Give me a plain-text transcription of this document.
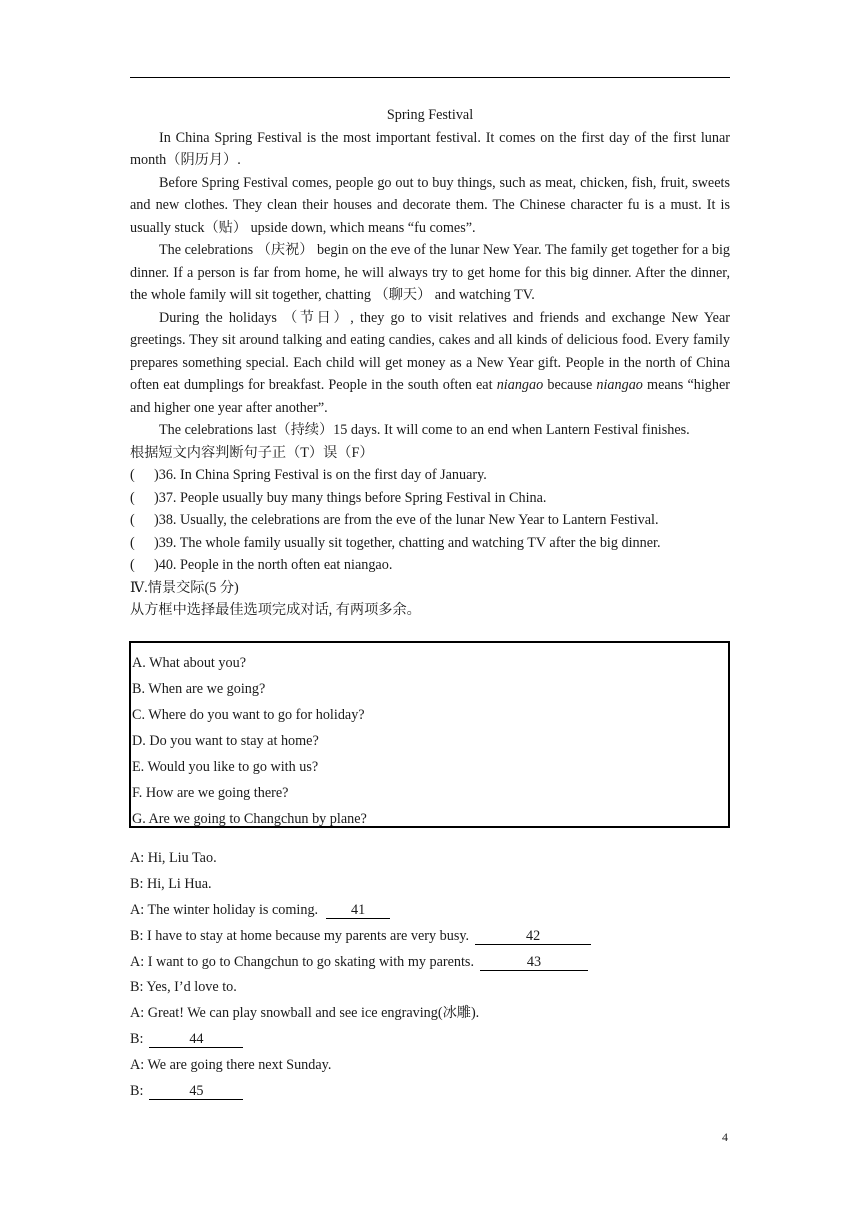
Spring Festival

In China Spring Festival is the most important festival. It comes on the first day of the first lunar month（阴历月）.

Before Spring Festival comes, people go out to buy things, such as meat, chicken, fish, fruit, sweets and new clothes. They clean their houses and decorate them. The Chinese character fu is a must. It is usually stuck（贴） upside down, which means “fu comes”.

The celebrations （庆祝） begin on the eve of the lunar New Year. The family get together for a big dinner. If a person is far from home, he will always try to get home for this big dinner. After the dinner, the whole family will sit together, chatting （聊天） and watching TV.

During the holidays （节日）, they go to visit relatives and friends and exchange New Year greetings. They sit around talking and eating candies, cakes and all kinds of delicious food. Every family prepares something special. Each child will get money as a New Year gift. People in the north of China often eat dumplings for breakfast. People in the south often eat niangao because niangao means “higher and higher one year after another”.

The celebrations last（持续）15 days. It will come to an end when Lantern Festival finishes.

根据短文内容判断句子正（T）误（F）

( )36. In China Spring Festival is on the first day of January.

( )37. People usually buy many things before Spring Festival in China.

( )38. Usually, the celebrations are from the eve of the lunar New Year to Lantern Festival.

( )39. The whole family usually sit together, chatting and watching TV after the big dinner.

( )40. People in the north often eat niangao.

Ⅳ.情景交际(5 分)

从方框中选择最佳选项完成对话, 有两项多余。

A. What about you?
B. When are we going?
C. Where do you want to go for holiday?
D. Do you want to stay at home?
E. Would you like to go with us?
F. How are we going there?
G. Are we going to Changchun by plane?
A: Hi, Liu Tao.
B: Hi, Li Hua.
A: The winter holiday is coming. 41
B: I have to stay at home because my parents are very busy.	42
A: I want to go to Changchun to go skating with my parents.	43
B: Yes, I’d love to.
A: Great! We can play snowball and see ice engraving(冰雕).
B:	44
A: We are going there next Sunday.
B:	45
4
